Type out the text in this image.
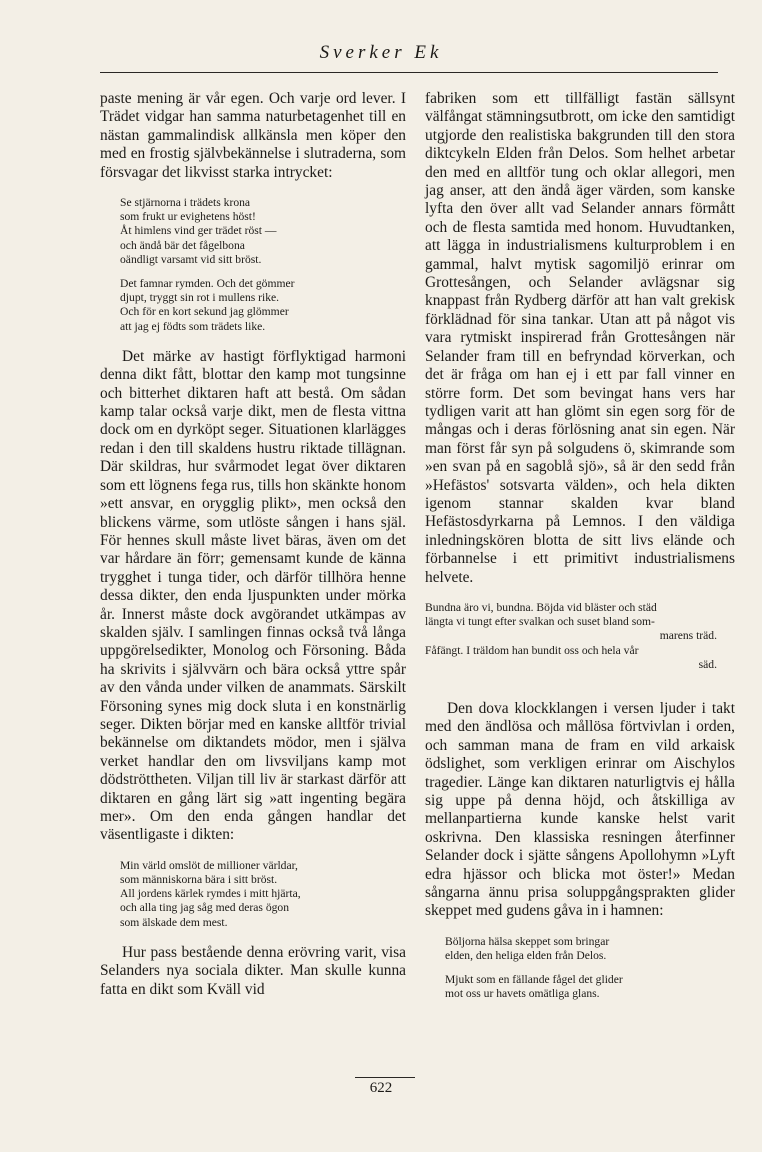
Sverker Ek

paste mening är vår egen. Och varje ord lever. I Trädet vidgar han samma naturbetagenhet till en nästan gammalindisk allkänsla men köper den med en frostig självbekännelse i slutraderna, som försvagar det likvisst starka intrycket:

Se stjärnorna i trädets krona
som frukt ur evighetens höst!
Åt himlens vind ger trädet röst —
och ändå bär det fågelbona
oändligt varsamt vid sitt bröst.
Det famnar rymden. Och det gömmer
djupt, tryggt sin rot i mullens rike.
Och för en kort sekund jag glömmer
att jag ej födts som trädets like.

Det märke av hastigt förflyktigad harmoni denna dikt fått, blottar den kamp mot tungsinne och bitterhet diktaren haft att bestå. Om sådan kamp talar också varje dikt, men de flesta vittna dock om en dyrköpt seger. Situationen klarlägges redan i den till skaldens hustru riktade tillägnan. Där skildras, hur svårmodet legat över diktaren som ett lögnens fega rus, tills hon skänkte honom »ett ansvar, en orygglig plikt», men också den blickens värme, som utlöste sången i hans själ. För hennes skull måste livet bäras, även om det var hårdare än förr; gemensamt kunde de känna trygghet i tunga tider, och därför tillhöra henne dessa dikter, den enda ljuspunkten under mörka år. Innerst måste dock avgörandet utkämpas av skalden själv. I samlingen finnas också två långa uppgörelsedikter, Monolog och Försoning. Båda ha skrivits i självvärn och bära också yttre spår av den vånda under vilken de anammats. Särskilt Försoning synes mig dock sluta i en konstnärlig seger. Dikten börjar med en kanske alltför trivial bekännelse om diktandets mödor, men i själva verket handlar den om livsviljans kamp mot dödströttheten. Viljan till liv är starkast därför att diktaren en gång lärt sig »att ingenting begära mer». Om den enda gången handlar det väsentligaste i dikten:

Min värld omslöt de millioner världar,
som människorna bära i sitt bröst.
All jordens kärlek rymdes i mitt hjärta,
och alla ting jag såg med deras ögon
som älskade dem mest.

Hur pass bestående denna erövring varit, visa Selanders nya sociala dikter. Man skulle kunna fatta en dikt som Kväll vid

fabriken som ett tillfälligt fastän sällsynt välfångat stämningsutbrott, om icke den samtidigt utgjorde den realistiska bakgrunden till den stora diktcykeln Elden från Delos. Som helhet arbetar den med en alltför tung och oklar allegori, men jag anser, att den ändå äger värden, som kanske lyfta den över allt vad Selander annars förmått och de flesta samtida med honom. Huvudtanken, att lägga in industrialismens kulturproblem i en gammal, halvt mytisk sagomiljö erinrar om Grottesången, och Selander avlägsnar sig knappast från Rydberg därför att han valt grekisk förklädnad för sina tankar. Utan att på något vis vara rytmiskt inspirerad från Grottesången när Selander fram till en befryndad körverkan, och det är fråga om han ej i ett par fall vinner en större form. Det som bevingat hans vers har tydligen varit att han glömt sin egen sorg för de mångas och i deras förlösning anat sin egen. När man först får syn på solgudens ö, skimrande som »en svan på en sagoblå sjö», så är den sedd från »Hefästos' sotsvarta välden», och hela dikten igenom stannar skalden kvar bland Hefästosdyrkarna på Lemnos. I den väldiga inledningskören blotta de sitt livs elände och förbannelse i ett primitivt industrialismens helvete.

Bundna äro vi, bundna. Böjda vid bläster och städ
längta vi tungt efter svalkan och suset bland som-
marens träd.
Fåfängt. I träldom han bundit oss och hela vår
säd.

Den dova klockklangen i versen ljuder i takt med den ändlösa och mållösa förtvivlan i orden, och samman mana de fram en vild arkaisk ödslighet, som verkligen erinrar om Aischylos tragedier. Länge kan diktaren naturligtvis ej hålla sig uppe på denna höjd, och åtskilliga av mellanpartierna kunde kanske helst varit oskrivna. Den klassiska resningen återfinner Selander dock i sjätte sångens Apollohymn »Lyft edra hjässor och blicka mot öster!» Medan sångarna ännu prisa soluppgångsprakten glider skeppet med gudens gåva in i hamnen:

Böljorna hälsa skeppet som bringar
elden, den heliga elden från Delos.
Mjukt som en fällande fågel det glider
mot oss ur havets omätliga glans.
622
